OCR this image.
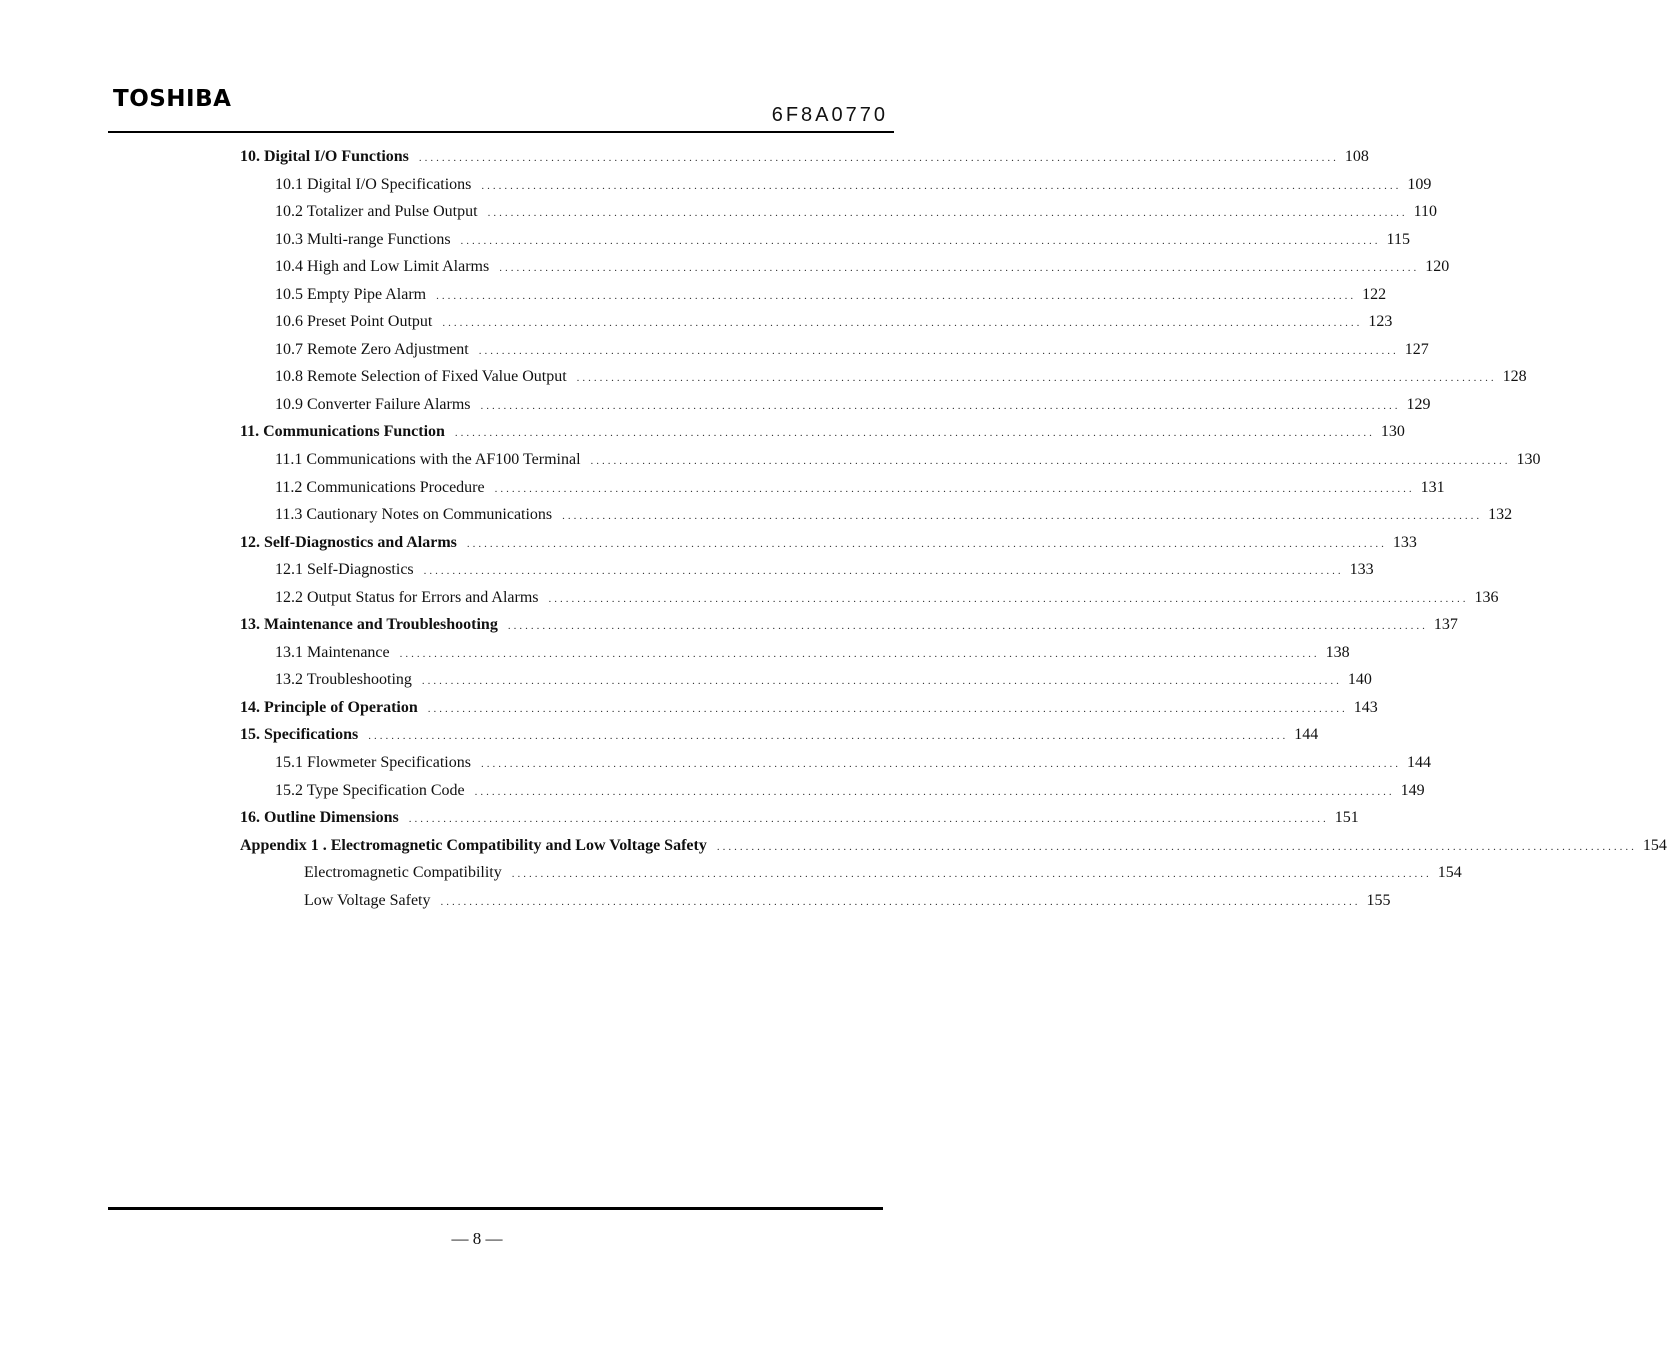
TOSHIBA
6F8A0770
10. Digital I/O Functions ................................................................................................................................................................ 108
10.1 Digital I/O Specifications ................................................................................................................................................................ 109
10.2 Totalizer and Pulse Output ................................................................................................................................................................ 110
10.3 Multi-range Functions ................................................................................................................................................................ 115
10.4 High and Low Limit Alarms ................................................................................................................................................................ 120
10.5 Empty Pipe Alarm ................................................................................................................................................................ 122
10.6 Preset Point Output ................................................................................................................................................................ 123
10.7 Remote Zero Adjustment ................................................................................................................................................................ 127
10.8 Remote Selection of Fixed Value Output ................................................................................................................................................................ 128
10.9 Converter Failure Alarms ................................................................................................................................................................ 129
11. Communications Function ................................................................................................................................................................ 130
11.1 Communications with the AF100 Terminal ................................................................................................................................................................ 130
11.2 Communications Procedure ................................................................................................................................................................ 131
11.3 Cautionary Notes on Communications ................................................................................................................................................................ 132
12. Self-Diagnostics and Alarms ................................................................................................................................................................ 133
12.1 Self-Diagnostics ................................................................................................................................................................ 133
12.2 Output Status for Errors and Alarms ................................................................................................................................................................ 136
13. Maintenance and Troubleshooting ................................................................................................................................................................ 137
13.1 Maintenance ................................................................................................................................................................ 138
13.2 Troubleshooting ................................................................................................................................................................ 140
14. Principle of Operation ................................................................................................................................................................ 143
15. Specifications ................................................................................................................................................................ 144
15.1 Flowmeter Specifications ................................................................................................................................................................ 144
15.2 Type Specification Code ................................................................................................................................................................ 149
16. Outline Dimensions ................................................................................................................................................................ 151
Appendix 1 . Electromagnetic Compatibility and Low Voltage Safety ................................................................................................................................................................ 154
Electromagnetic Compatibility ................................................................................................................................................................ 154
Low Voltage Safety ................................................................................................................................................................ 155
— 8 —
